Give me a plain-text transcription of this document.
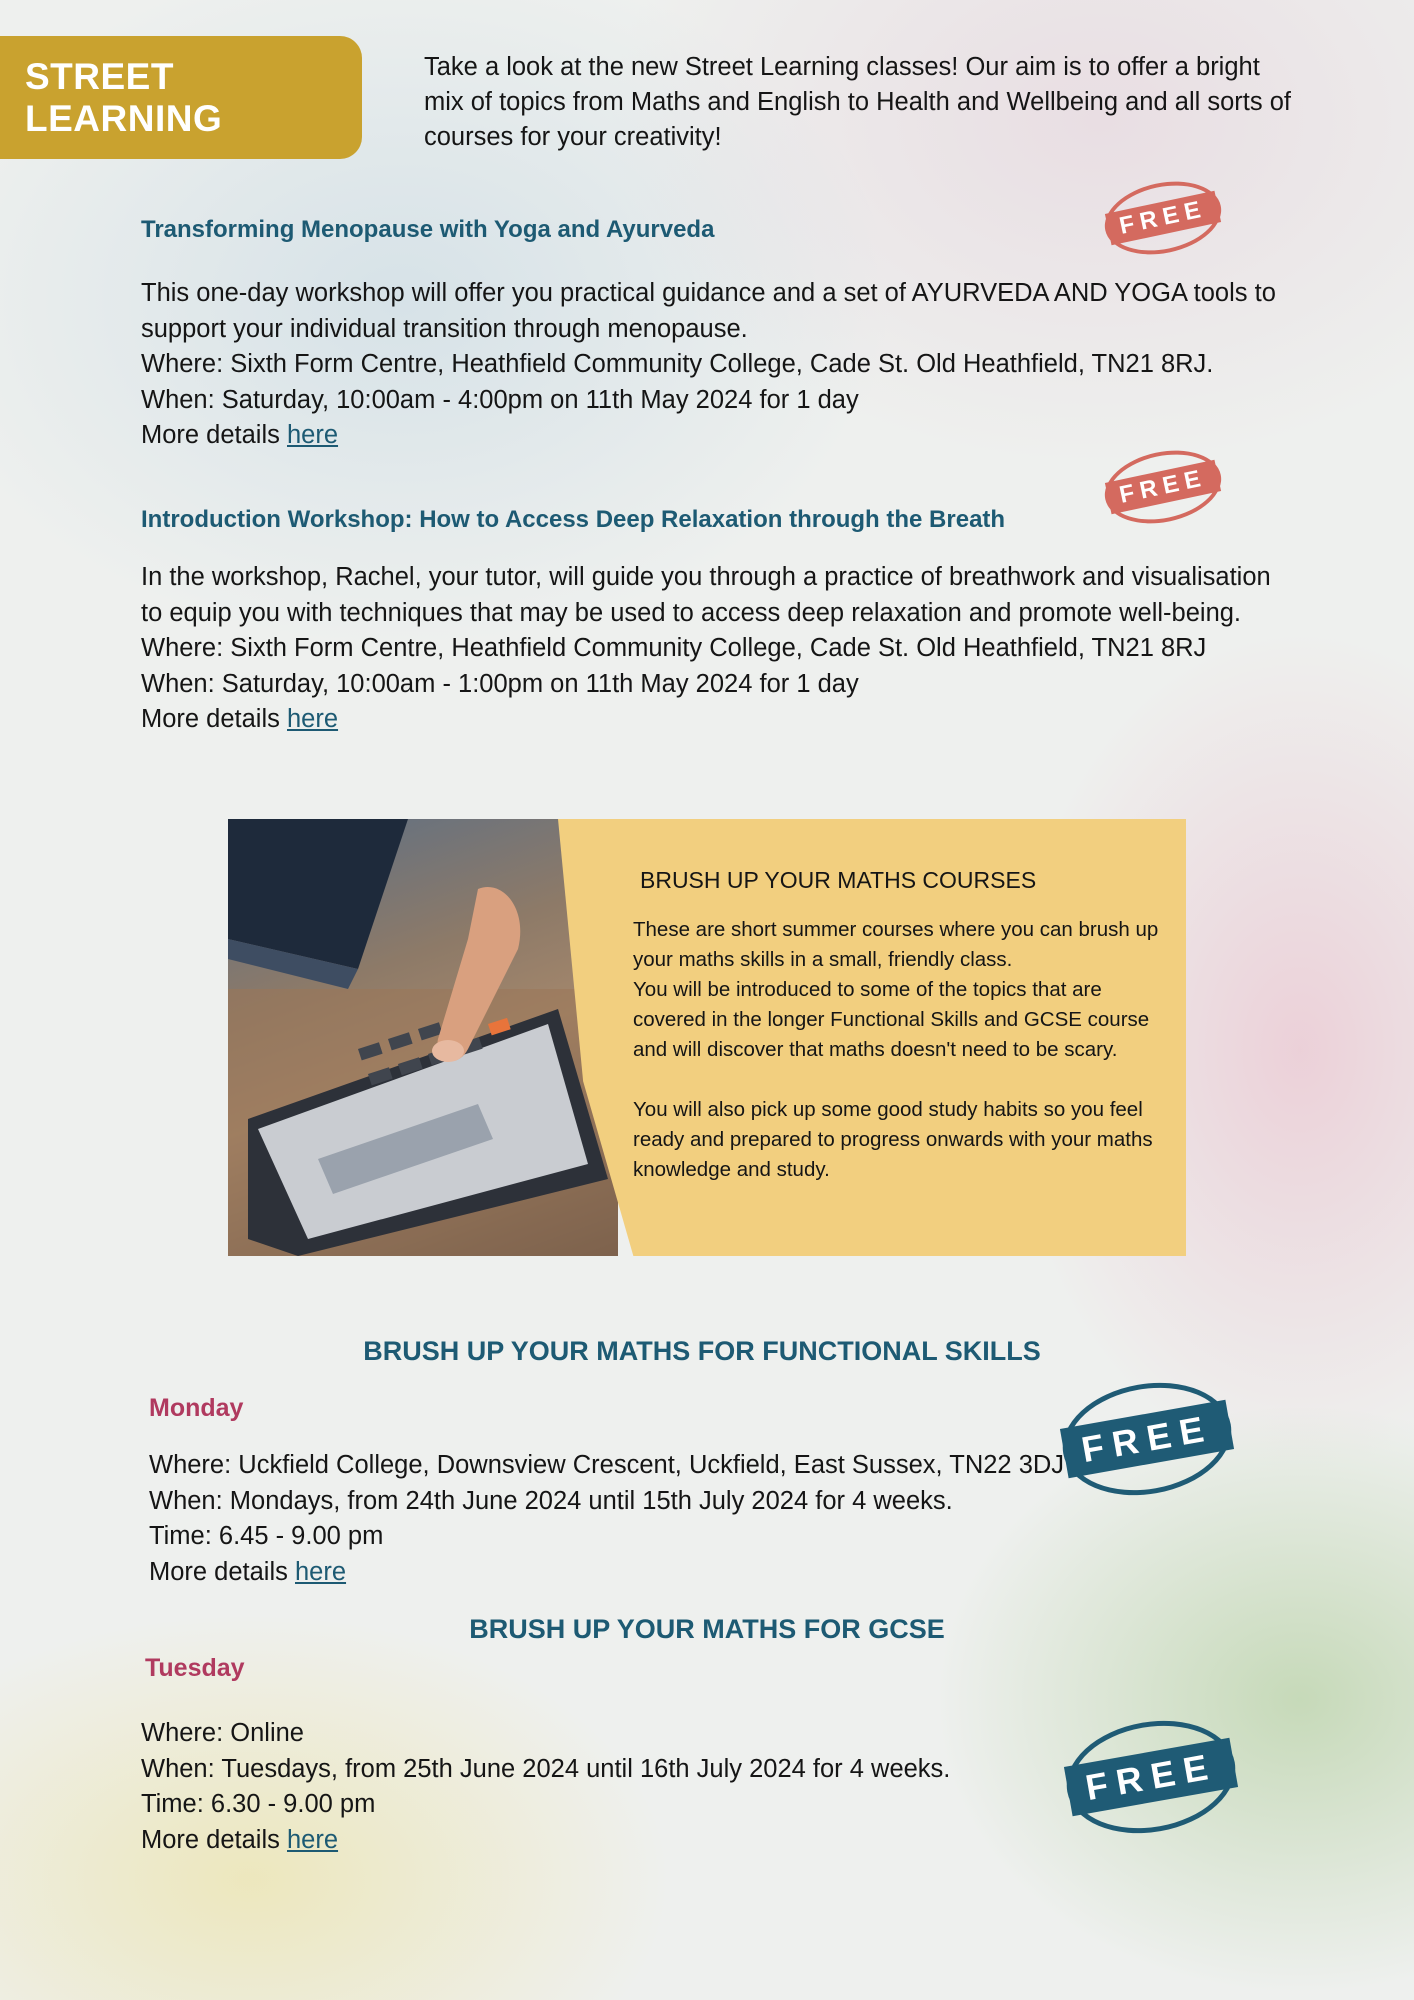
STREET LEARNING
Take a look at the new Street Learning classes! Our aim is to offer a bright mix of topics from Maths and English to Health and Wellbeing and all sorts of courses for your creativity!
Transforming Menopause with Yoga and Ayurveda	FREE
This one-day workshop will offer you practical guidance and a set of AYURVEDA AND YOGA tools to support your individual transition through menopause.
Where: Sixth Form Centre, Heathfield Community College, Cade St. Old Heathfield, TN21 8RJ.
When: Saturday, 10:00am - 4:00pm on 11th May 2024 for 1 day
More details here
FREE
Introduction Workshop: How to Access Deep Relaxation through the Breath
In the workshop, Rachel, your tutor, will guide you through a practice of breathwork and visualisation to equip you with techniques that may be used to access deep relaxation and promote well-being.
Where: Sixth Form Centre, Heathfield Community College, Cade St. Old Heathfield, TN21 8RJ
When: Saturday, 10:00am - 1:00pm on 11th May 2024 for 1 day
More details here
BRUSH UP YOUR MATHS COURSES
These are short summer courses where you can brush up your maths skills in a small, friendly class.
You will be introduced to some of the topics that are covered in the longer Functional Skills and GCSE course and will discover that maths doesn't need to be scary.
You will also pick up some good study habits so you feel ready and prepared to progress onwards with your maths knowledge and study.
BRUSH UP YOUR MATHS FOR FUNCTIONAL SKILLS
Monday	FREE
Where: Uckfield College, Downsview Crescent, Uckfield, East Sussex, TN22 3DJ
When: Mondays, from 24th June 2024 until 15th July 2024 for 4 weeks.
Time: 6.45 - 9.00 pm
More details here
BRUSH UP YOUR MATHS FOR GCSE
Tuesday
FREE
Where: Online
When: Tuesdays, from 25th June 2024 until 16th July 2024 for 4 weeks.
Time: 6.30 - 9.00 pm
More details here
